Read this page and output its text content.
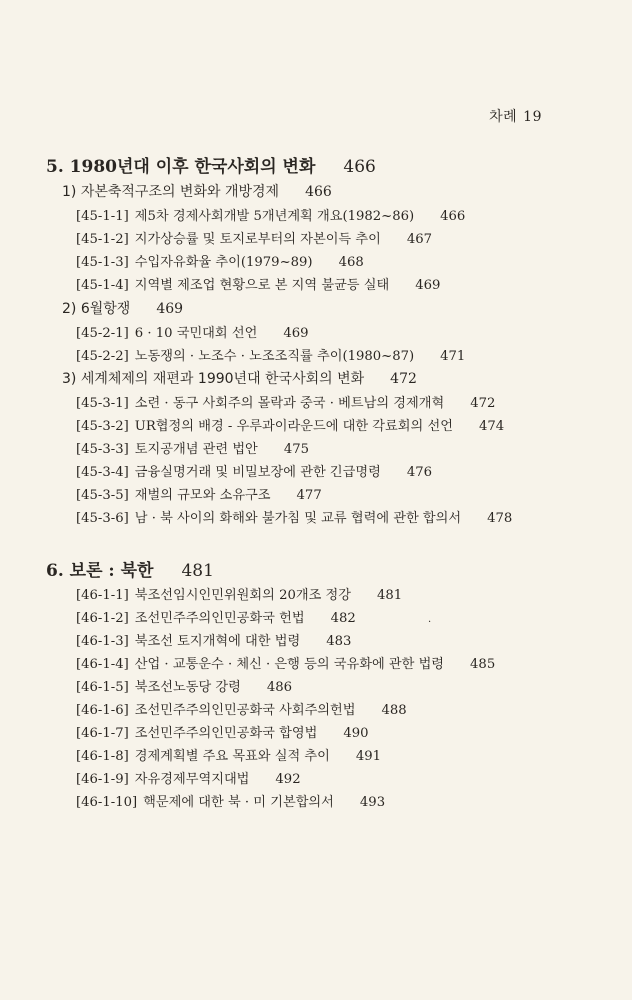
차례 19
5. 1980년대 이후 한국사회의 변화 466
1) 자본축적구조의 변화와 개방경제 466
[45-1-1] 제5차 경제사회개발 5개년계획 개요(1982~86) 466
[45-1-2] 지가상승률 및 토지로부터의 자본이득 추이 467
[45-1-3] 수입자유화율 추이(1979~89) 468
[45-1-4] 지역별 제조업 현황으로 본 지역 불균등 실태 469
2) 6월항쟁 469
[45-2-1] 6 · 10 국민대회 선언 469
[45-2-2] 노동쟁의 · 노조수 · 노조조직률 추이(1980~87) 471
3) 세계체제의 재편과 1990년대 한국사회의 변화 472
[45-3-1] 소련 · 동구 사회주의 몰락과 중국 · 베트남의 경제개혁 472
[45-3-2] UR협정의 배경 - 우루과이라운드에 대한 각료회의 선언 474
[45-3-3] 토지공개념 관련 법안 475
[45-3-4] 금융실명거래 및 비밀보장에 관한 긴급명령 476
[45-3-5] 재벌의 규모와 소유구조 477
[45-3-6] 남 · 북 사이의 화해와 불가침 및 교류 협력에 관한 합의서 478
6. 보론 : 북한 481
[46-1-1] 북조선임시인민위원회의 20개조 정강 481
[46-1-2] 조선민주주의인민공화국 헌법 482
[46-1-3] 북조선 토지개혁에 대한 법령 483
[46-1-4] 산업 · 교통운수 · 체신 · 은행 등의 국유화에 관한 법령 485
[46-1-5] 북조선노동당 강령 486
[46-1-6] 조선민주주의인민공화국 사회주의헌법 488
[46-1-7] 조선민주주의인민공화국 합영법 490
[46-1-8] 경제계획별 주요 목표와 실적 추이 491
[46-1-9] 자유경제무역지대법 492
[46-1-10] 핵문제에 대한 북 · 미 기본합의서 493
.
